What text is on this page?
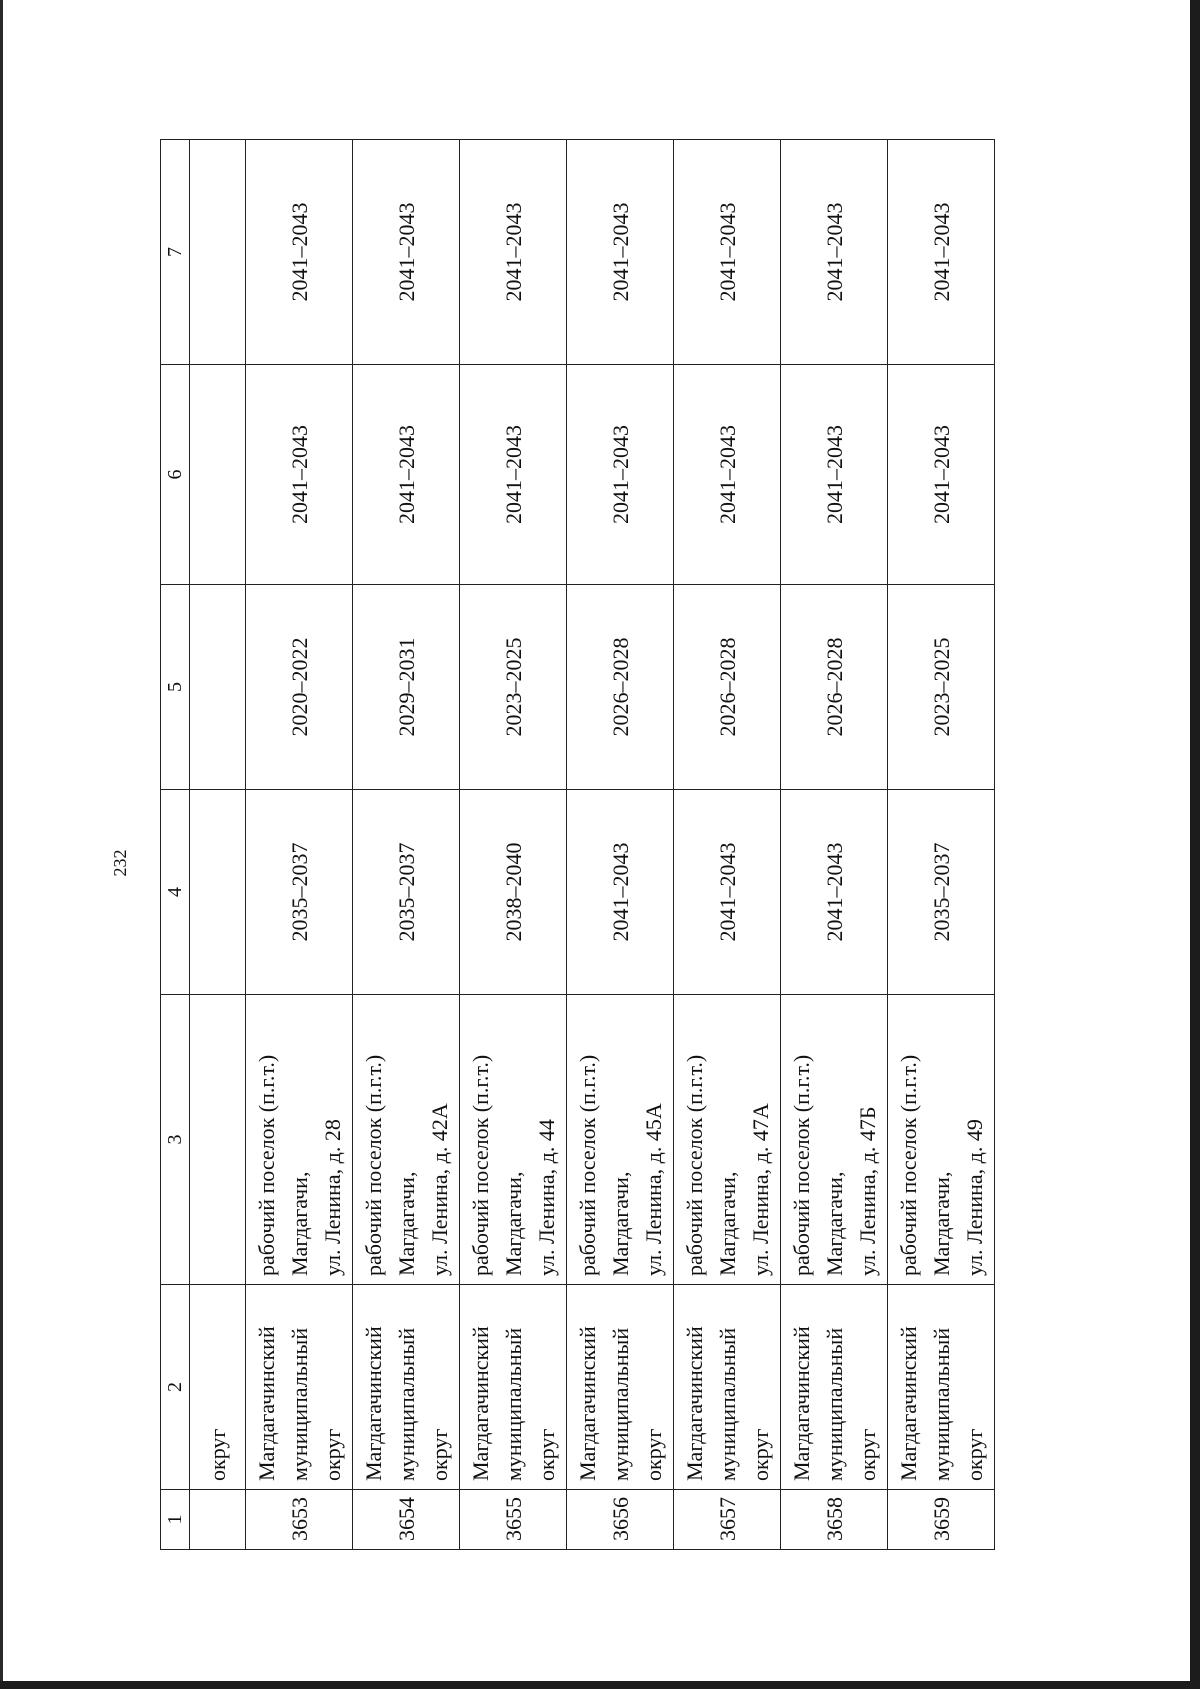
232
1	2	3	4	5	6	7
	округ					
3653	Магдагачинский муниципальный округ	рабочий поселок (п.г.т.) Магдагачи, ул. Ленина, д. 28	2035–2037	2020–2022	2041–2043	2041–2043
3654	Магдагачинский муниципальный округ	рабочий поселок (п.г.т.) Магдагачи, ул. Ленина, д. 42А	2035–2037	2029–2031	2041–2043	2041–2043
3655	Магдагачинский муниципальный округ	рабочий поселок (п.г.т.) Магдагачи, ул. Ленина, д. 44	2038–2040	2023–2025	2041–2043	2041–2043
3656	Магдагачинский муниципальный округ	рабочий поселок (п.г.т.) Магдагачи, ул. Ленина, д. 45А	2041–2043	2026–2028	2041–2043	2041–2043
3657	Магдагачинский муниципальный округ	рабочий поселок (п.г.т.) Магдагачи, ул. Ленина, д. 47А	2041–2043	2026–2028	2041–2043	2041–2043
3658	Магдагачинский муниципальный округ	рабочий поселок (п.г.т.) Магдагачи, ул. Ленина, д. 47Б	2041–2043	2026–2028	2041–2043	2041–2043
3659	Магдагачинский муниципальный округ	рабочий поселок (п.г.т.) Магдагачи, ул. Ленина, д. 49	2035–2037	2023–2025	2041–2043	2041–2043
